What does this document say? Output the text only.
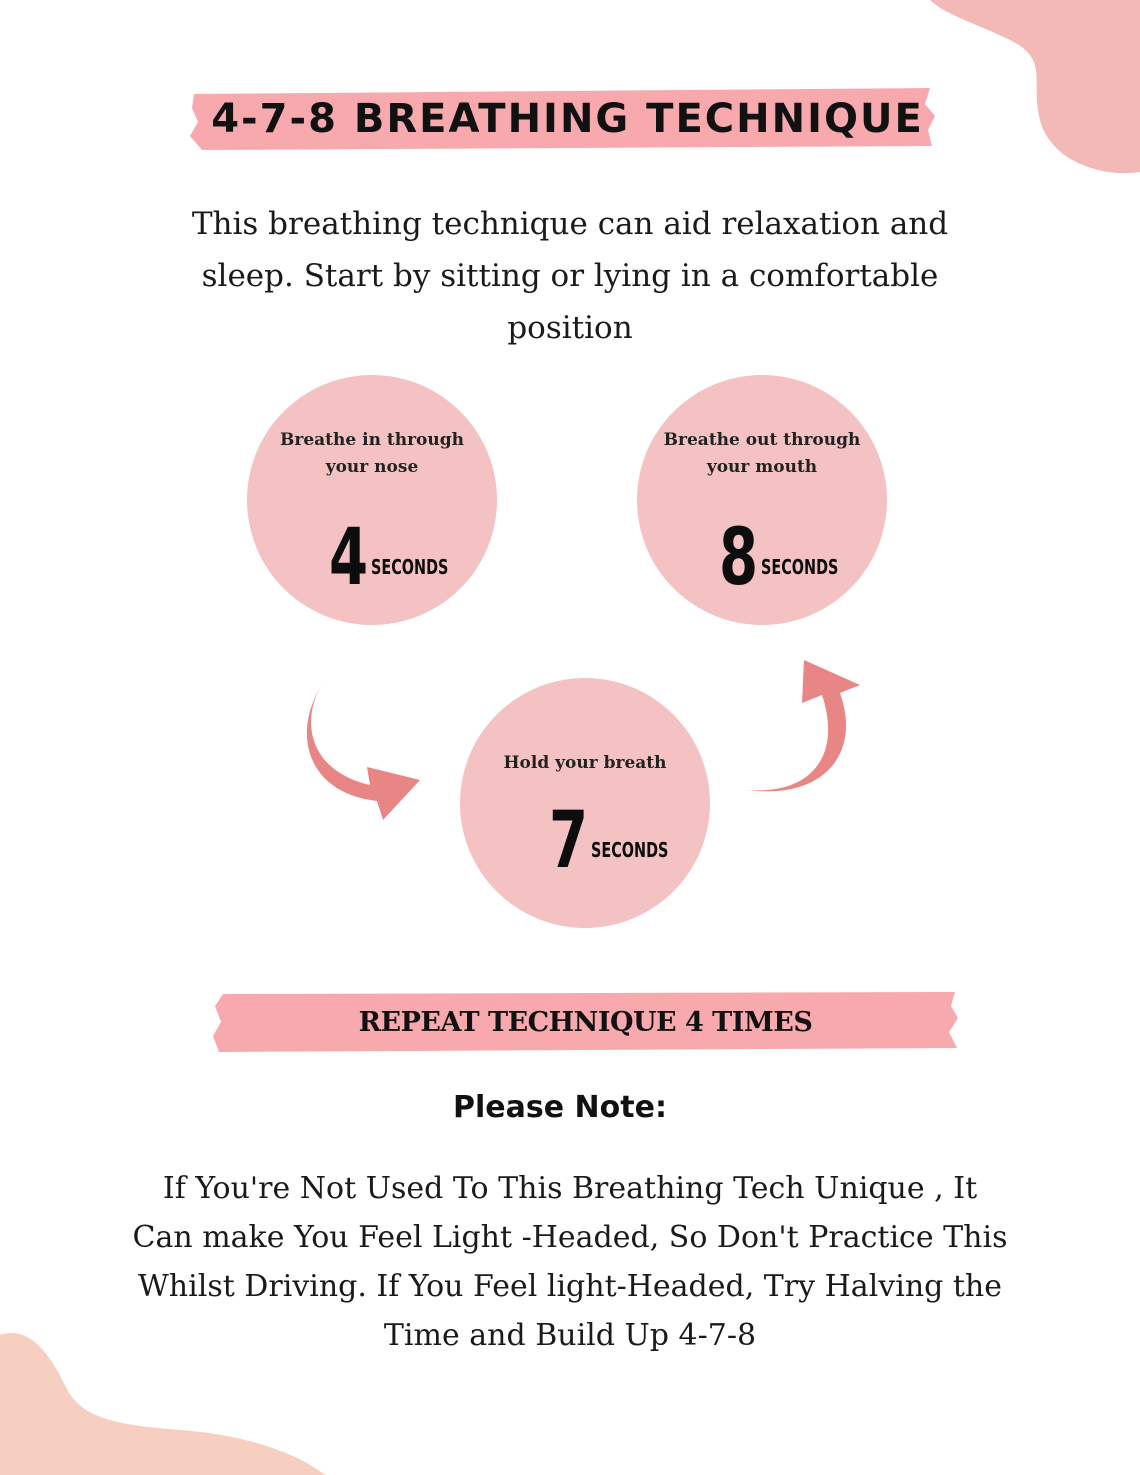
4-7-8 BREATHING TECHNIQUE
This breathing technique can aid relaxation and sleep. Start by sitting or lying in a comfortable position
Breathe in through your nose
4 SECONDS
Breathe out through your mouth
8 SECONDS
Hold your breath
7 SECONDS
REPEAT TECHNIQUE 4 TIMES
Please Note:
If You're Not Used To This Breathing Tech Unique , It Can make You Feel Light -Headed, So Don't Practice This Whilst Driving. If You Feel light-Headed, Try Halving the Time and Build Up 4-7-8
